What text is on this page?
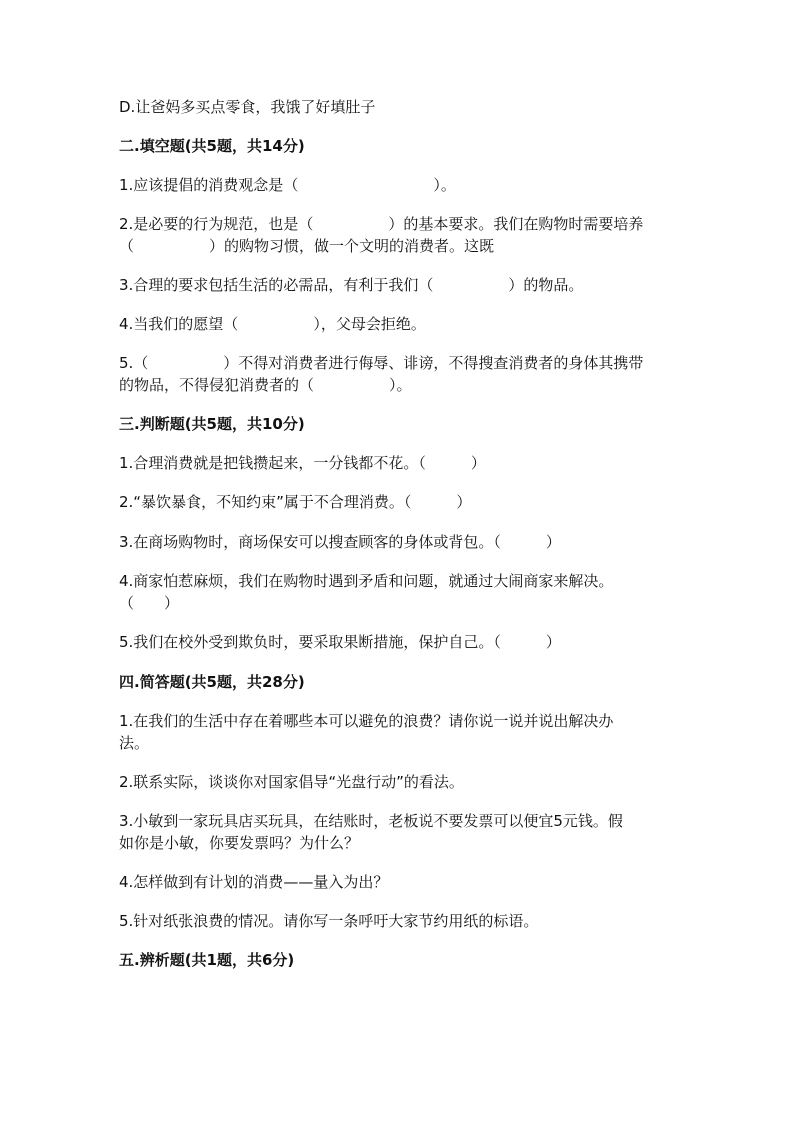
D.让爸妈多买点零食，我饿了好填肚子
二.填空题(共5题，共14分)
1.应该提倡的消费观念是（　　　　　　　　　）。
2.是必要的行为规范，也是（　　　　　）的基本要求。我们在购物时需要培养
（　　　　　）的购物习惯，做一个文明的消费者。这既
3.合理的要求包括生活的必需品，有利于我们（　　　　　）的物品。
4.当我们的愿望（　　　　　），父母会拒绝。
5.（　　　　　）不得对消费者进行侮辱、诽谤，不得搜查消费者的身体其携带
的物品，不得侵犯消费者的（　　　　　）。
三.判断题(共5题，共10分)
1.合理消费就是把钱攒起来，一分钱都不花。（　　　）
2.“暴饮暴食，不知约束”属于不合理消费。（　　　）
3.在商场购物时，商场保安可以搜查顾客的身体或背包。（　　　）
4.商家怕惹麻烦，我们在购物时遇到矛盾和问题，就通过大闹商家来解决。
（　　）
5.我们在校外受到欺负时，要采取果断措施，保护自己。（　　　）
四.简答题(共5题，共28分)
1.在我们的生活中存在着哪些本可以避免的浪费？请你说一说并说出解决办
法。
2.联系实际，谈谈你对国家倡导“光盘行动”的看法。
3.小敏到一家玩具店买玩具，在结账时，老板说不要发票可以便宜5元钱。假
如你是小敏，你要发票吗？为什么？
4.怎样做到有计划的消费——量入为出？
5.针对纸张浪费的情况。请你写一条呼吁大家节约用纸的标语。
五.辨析题(共1题，共6分)
